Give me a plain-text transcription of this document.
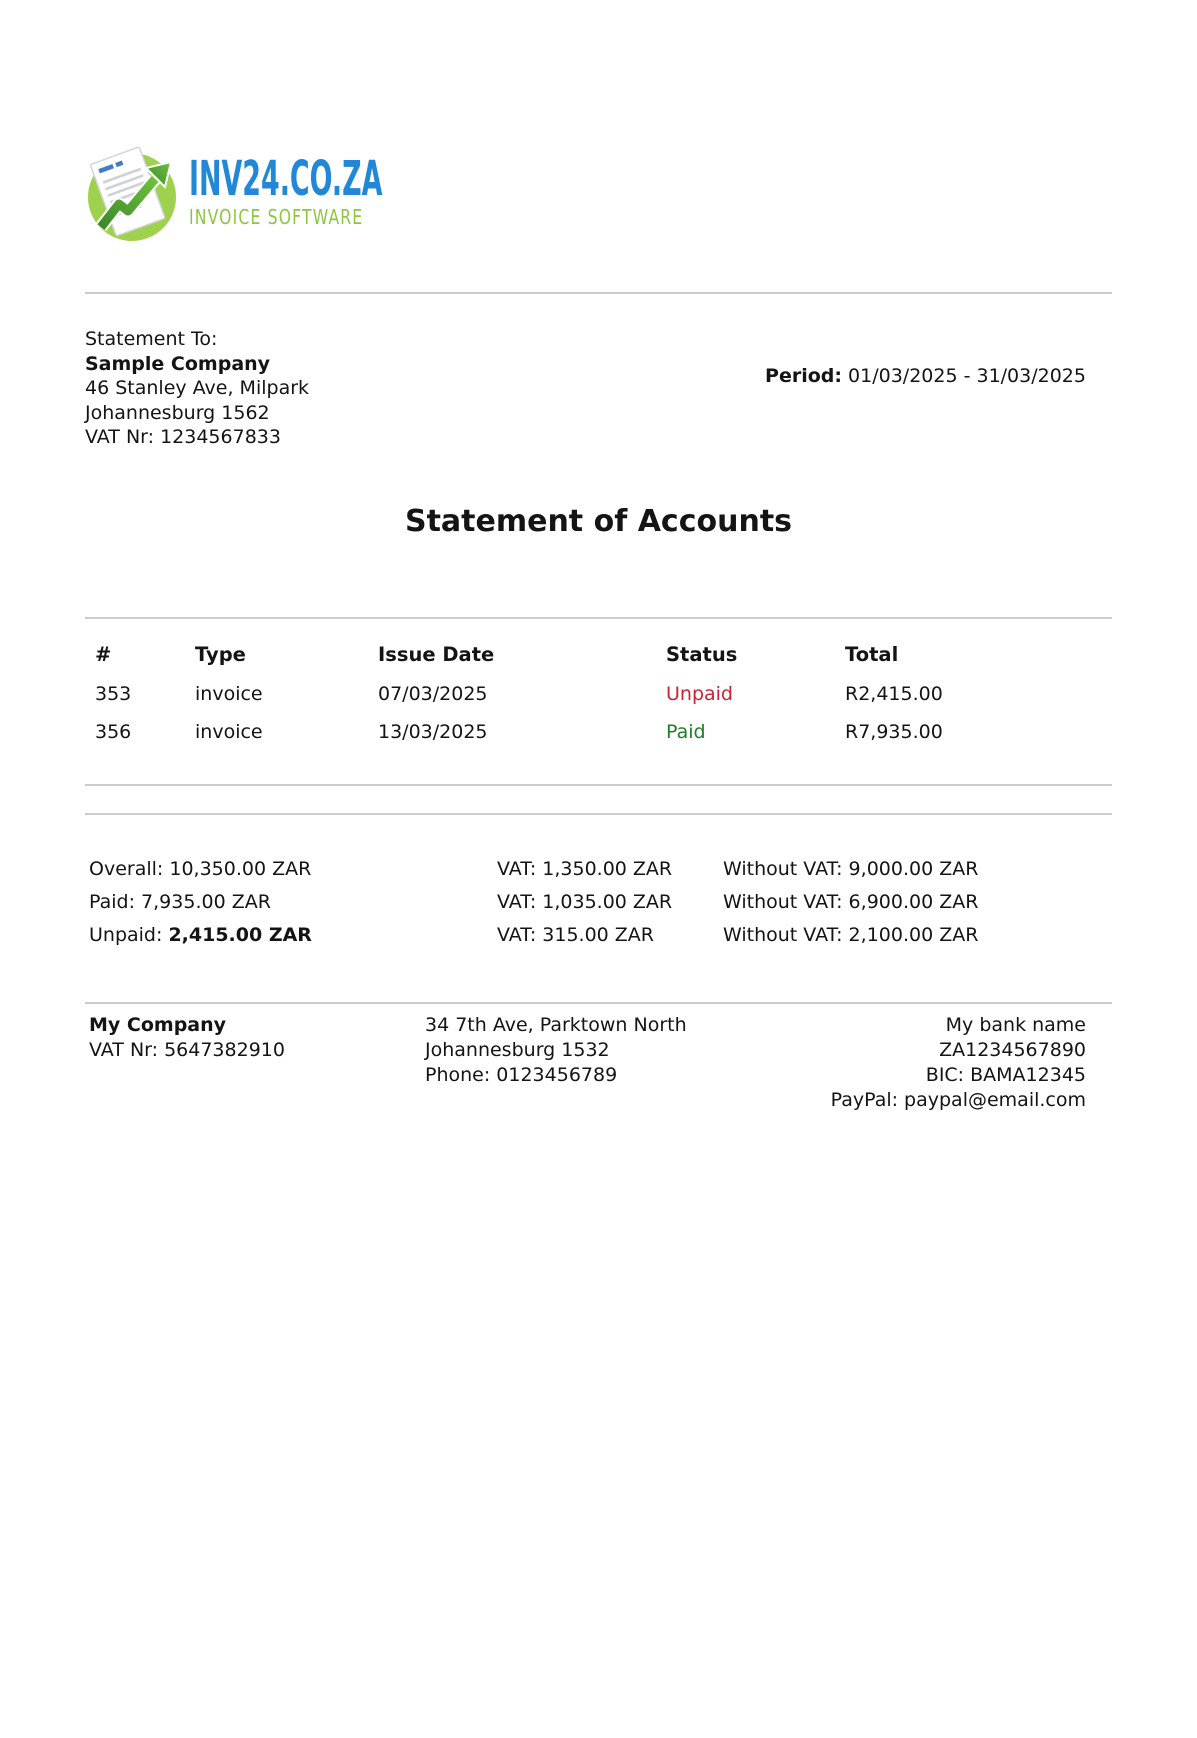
INV24.CO.ZA
INVOICE SOFTWARE
Statement To:
Sample Company
46 Stanley Ave, Milpark
Johannesburg 1562
VAT Nr: 1234567833
Period: 01/03/2025 - 31/03/2025
Statement of Accounts
#	Type	Issue Date	Status	Total
353	invoice	07/03/2025	Unpaid	R2,415.00
356	invoice	13/03/2025	Paid	R7,935.00
Overall: 10,350.00 ZAR	VAT: 1,350.00 ZAR	Without VAT: 9,000.00 ZAR
Paid: 7,935.00 ZAR	VAT: 1,035.00 ZAR	Without VAT: 6,900.00 ZAR
Unpaid: 2,415.00 ZAR	VAT: 315.00 ZAR	Without VAT: 2,100.00 ZAR
My Company
VAT Nr: 5647382910
34 7th Ave, Parktown North
Johannesburg 1532
Phone: 0123456789
My bank name
ZA1234567890
BIC: BAMA12345
PayPal: paypal@email.com
